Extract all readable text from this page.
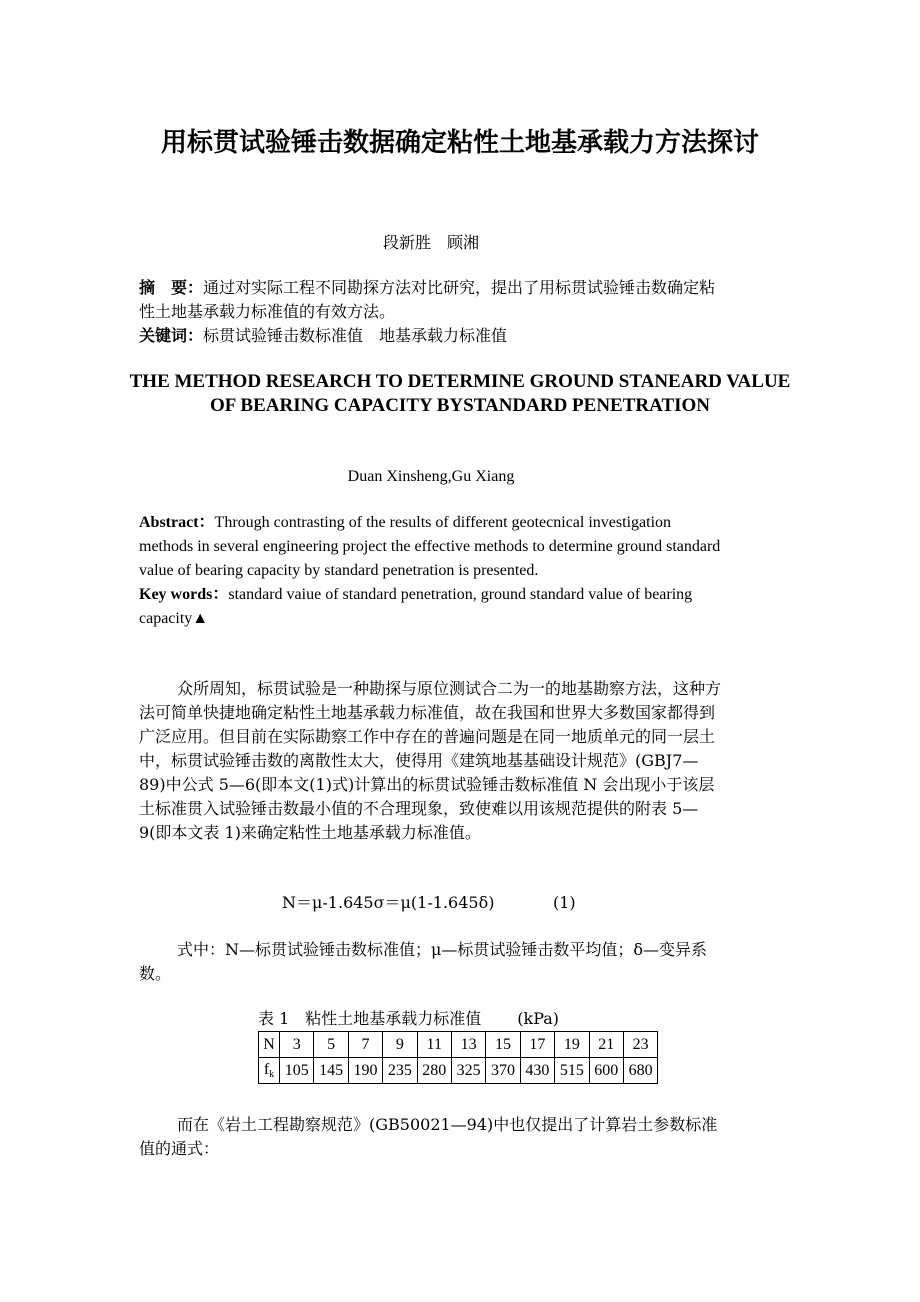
用标贯试验锤击数据确定粘性土地基承载力方法探讨
段新胜　顾湘
摘　要：通过对实际工程不同勘探方法对比研究，提出了用标贯试验锤击数确定粘性土地基承载力标准值的有效方法。
关键词：标贯试验锤击数标准值　地基承载力标准值
THE METHOD RESEARCH TO DETERMINE GROUND STANEARD VALUE
OF BEARING CAPACITY BYSTANDARD PENETRATION
Duan Xinsheng,Gu Xiang
Abstract：Through contrasting of the results of different geotecnical investigation methods in several engineering project the effective methods to determine ground standard value of bearing capacity by standard penetration is presented.
Key words：standard vaiue of standard penetration, ground standard value of bearing capacity▲
众所周知，标贯试验是一种勘探与原位测试合二为一的地基勘察方法，这种方法可简单快捷地确定粘性土地基承载力标准值，故在我国和世界大多数国家都得到广泛应用。但目前在实际勘察工作中存在的普遍问题是在同一地质单元的同一层土中，标贯试验锤击数的离散性太大，使得用《建筑地基基础设计规范》(GBJ7—89)中公式 5—6(即本文(1)式)计算出的标贯试验锤击数标准值 N 会出现小于该层土标准贯入试验锤击数最小值的不合理现象，致使难以用该规范提供的附表 5—9(即本文表 1)来确定粘性土地基承载力标准值。
N＝μ-1.645σ＝μ(1-1.645δ)	(1)
式中：N—标贯试验锤击数标准值；μ—标贯试验锤击数平均值；δ—变异系数。
表 1　粘性土地基承载力标准值 (kPa)
N	3	5	7	9	11	13	15	17	19	21	23
$f_k$	105	145	190	235	280	325	370	430	515	600	680
而在《岩土工程勘察规范》(GB50021—94)中也仅提出了计算岩土参数标准值的通式：
